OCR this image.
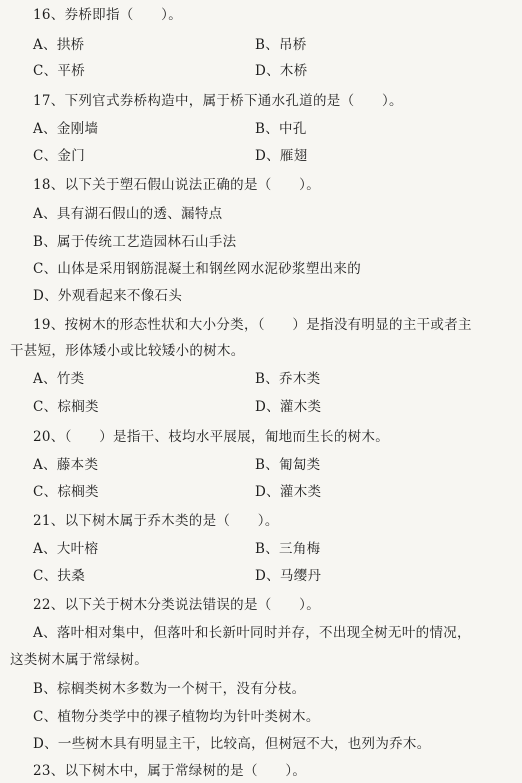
16、券桥即指（　　）。
A、拱桥	B、吊桥
C、平桥	D、木桥
17、下列官式券桥构造中，属于桥下通水孔道的是（　　）。
A、金刚墙	B、中孔
C、金门	D、雁翅
18、以下关于塑石假山说法正确的是（　　）。
A、具有湖石假山的透、漏特点
B、属于传统工艺造园林石山手法
C、山体是采用钢筋混凝土和钢丝网水泥砂浆塑出来的
D、外观看起来不像石头
19、按树木的形态性状和大小分类，（　　）是指没有明显的主干或者主
干甚短，形体矮小或比较矮小的树木。
A、竹类	B、乔木类
C、棕榈类	D、灌木类
20、（　　）是指干、枝均水平展展，匍地而生长的树木。
A、藤本类	B、匍匐类
C、棕榈类	D、灌木类
21、以下树木属于乔木类的是（　　）。
A、大叶榕	B、三角梅
C、扶桑	D、马缨丹
22、以下关于树木分类说法错误的是（　　）。
A、落叶相对集中，但落叶和长新叶同时并存，不出现全树无叶的情况，
这类树木属于常绿树。
B、棕榈类树木多数为一个树干，没有分枝。
C、植物分类学中的裸子植物均为针叶类树木。
D、一些树木具有明显主干，比较高，但树冠不大，也列为乔木。
23、以下树木中，属于常绿树的是（　　）。
